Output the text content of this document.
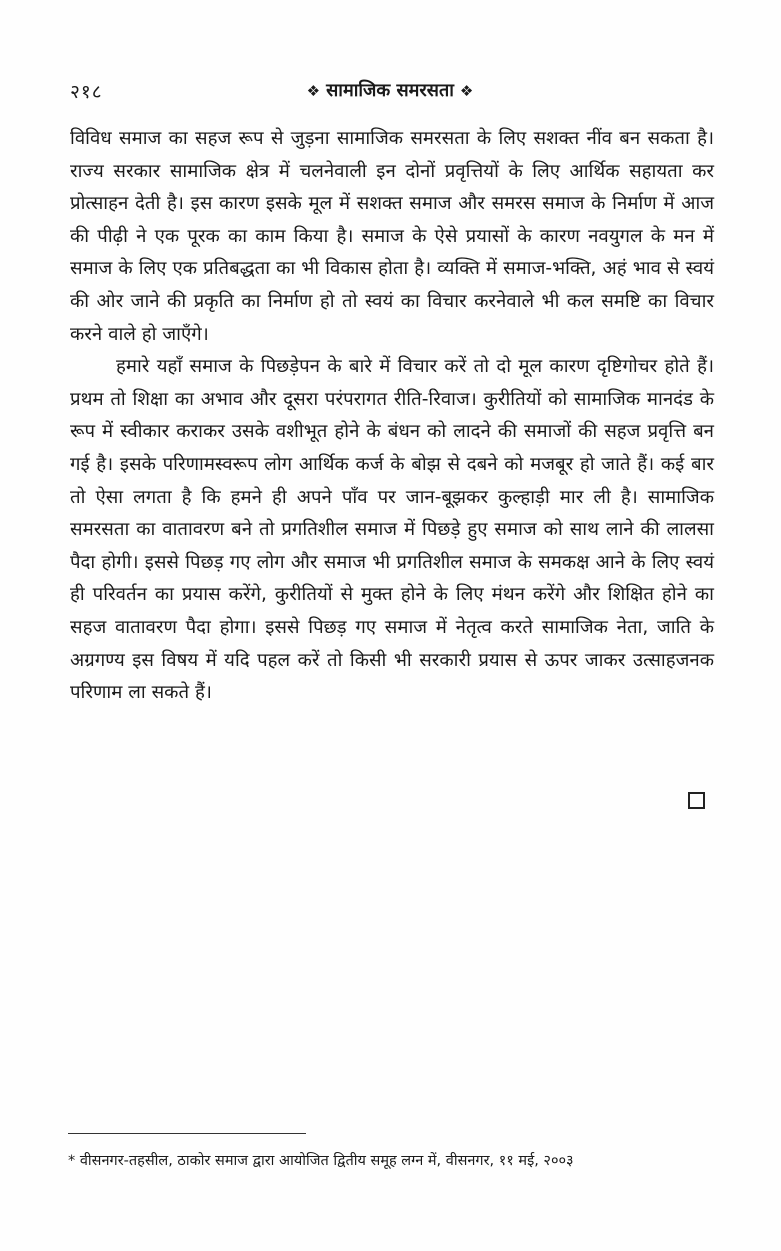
२१८	❖ सामाजिक समरसता ❖

विविध समाज का सहज रूप से जुड़ना सामाजिक समरसता के लिए सशक्त नींव बन सकता है। राज्य सरकार सामाजिक क्षेत्र में चलनेवाली इन दोनों प्रवृत्तियों के लिए आर्थिक सहायता कर प्रोत्साहन देती है। इस कारण इसके मूल में सशक्त समाज और समरस समाज के निर्माण में आज की पीढ़ी ने एक पूरक का काम किया है। समाज के ऐसे प्रयासों के कारण नवयुगल के मन में समाज के लिए एक प्रतिबद्धता का भी विकास होता है। व्यक्ति में समाज-भक्ति, अहं भाव से स्वयं की ओर जाने की प्रकृति का निर्माण हो तो स्वयं का विचार करनेवाले भी कल समष्टि का विचार करने वाले हो जाएँगे।

हमारे यहाँ समाज के पिछड़ेपन के बारे में विचार करें तो दो मूल कारण दृष्टिगोचर होते हैं। प्रथम तो शिक्षा का अभाव और दूसरा परंपरागत रीति-रिवाज। कुरीतियों को सामाजिक मानदंड के रूप में स्वीकार कराकर उसके वशीभूत होने के बंधन को लादने की समाजों की सहज प्रवृत्ति बन गई है। इसके परिणामस्वरूप लोग आर्थिक कर्ज के बोझ से दबने को मजबूर हो जाते हैं। कई बार तो ऐसा लगता है कि हमने ही अपने पाँव पर जान-बूझकर कुल्हाड़ी मार ली है। सामाजिक समरसता का वातावरण बने तो प्रगतिशील समाज में पिछड़े हुए समाज को साथ लाने की लालसा पैदा होगी। इससे पिछड़ गए लोग और समाज भी प्रगतिशील समाज के समकक्ष आने के लिए स्वयं ही परिवर्तन का प्रयास करेंगे, कुरीतियों से मुक्त होने के लिए मंथन करेंगे और शिक्षित होने का सहज वातावरण पैदा होगा। इससे पिछड़ गए समाज में नेतृत्व करते सामाजिक नेता, जाति के अग्रगण्य इस विषय में यदि पहल करें तो किसी भी सरकारी प्रयास से ऊपर जाकर उत्साहजनक परिणाम ला सकते हैं।

* वीसनगर-तहसील, ठाकोर समाज द्वारा आयोजित द्वितीय समूह लग्न में, वीसनगर, ११ मई, २००३
